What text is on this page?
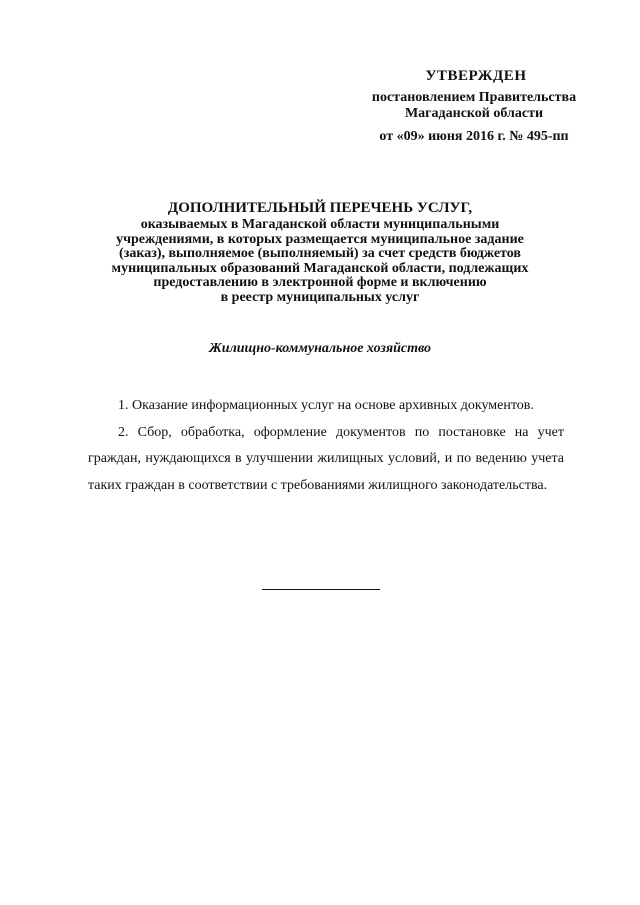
УТВЕРЖДЕН
постановлением Правительства
Магаданской области
от «09» июня 2016 г. № 495-пп
ДОПОЛНИТЕЛЬНЫЙ ПЕРЕЧЕНЬ УСЛУГ,
оказываемых в Магаданской области муниципальными
учреждениями, в которых размещается муниципальное задание
(заказ), выполняемое (выполняемый) за счет средств бюджетов
муниципальных образований Магаданской области, подлежащих
предоставлению в электронной форме и включению
в реестр муниципальных услуг
Жилищно-коммунальное хозяйство

1. Оказание информационных услуг на основе архивных документов.

2. Сбор, обработка, оформление документов по постановке на учет граждан, нуждающихся в улучшении жилищных условий, и по ведению учета таких граждан в соответствии с требованиями жилищного законодательства.
